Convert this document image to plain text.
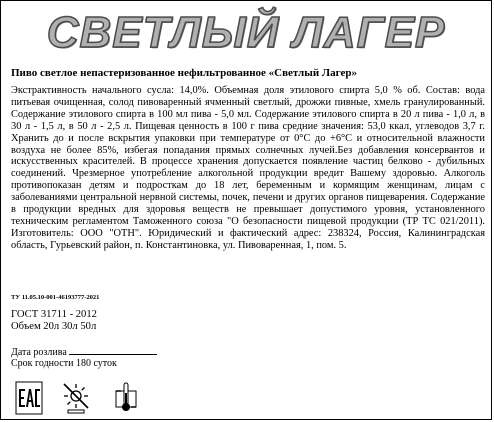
СВЕТЛЫЙ ЛАГЕР
Пиво светлое непастеризованное нефильтрованное «Светлый Лагер»
Экстрактивность начального сусла: 14,0%. Объемная доля этилового спирта 5,0 % об. Состав: вода питьевая очищенная, солод пивоваренный ячменный светлый, дрожжи пивные, хмель гранулированный. Содержание этилового спирта в 100 мл пива - 5,0 мл. Содержание этилового спирта в 20 л пива - 1,0 л, в 30 л - 1,5 л, в 50 л - 2,5 л. Пищевая ценность в 100 г пива средние значения: 53,0 ккал, углеводов 3,7 г. Хранить до и после вскрытия упаковки при температуре от 0°С до +6°С и относительной влажности воздуха не более 85%, избегая попадания прямых солнечных лучей.Без добавления консервантов и искусственных красителей. В процессе хранения допускается появление частиц белково - дубильных соединений. Чрезмерное употребление алкогольной продукции вредит Вашему здоровью. Алкоголь противопоказан детям и подросткам до 18 лет, беременным и кормящим женщинам, лицам с заболеваниями центральной нервной системы, почек, печени и других органов пищеварения. Содержание в продукции вредных для здоровья веществ не превышает допустимого уровня, установленного техническим регламентом Таможенного союза "О безопасности пищевой продукции (ТР ТС 021/2011). Изготовитель: ООО "ОТН". Юридический и фактический адрес: 238324, Россия, Калининградская область, Гурьевский район, п. Константиновка, ул. Пивоваренная, 1, пом. 5.
ТУ 11.05.10-001-46193777-2021
ГОСТ 31711 - 2012
Объем 20л 30л 50л
Дата розлива
Срок годности 180 суток
